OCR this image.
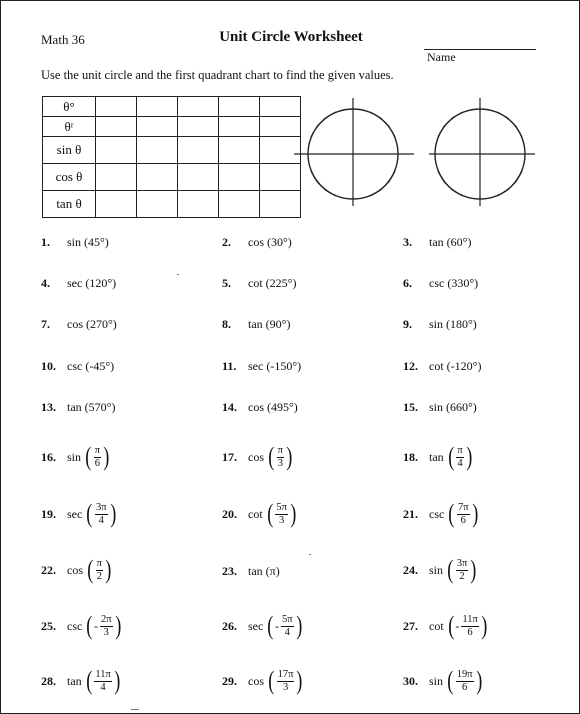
Math 36	Unit Circle Worksheet
Name
Use the unit circle and the first quadrant chart to find the given values.
θ°					
θʳ					
sin θ					
cos θ					
tan θ					
1.	sin (45°)	2.	cos (30°)	3.	tan (60°)
4.	sec (120°)	5.	cot (225°)	6.	csc (330°)
7.	cos (270°)	8.	tan (90°)	9.	sin (180°)
10. csc (-45°)	11. sec (-150°)	12. cot (-120°)
13. tan (570°)	14. cos (495°)	15. sin (660°)
16. sin ( $\frac{\pi}{6}$ )	17. cos ( $\frac{\pi}{3}$ )	18. tan ( $\frac{\pi}{4}$ )
19. sec ( $\frac{3\pi}{4}$ )	20. cot ( $\frac{5\pi}{3}$ )	21. csc ( $\frac{7\pi}{6}$ )
22. cos ( $\frac{\pi}{2}$ )	23. tan (π)	24. sin ( $\frac{3\pi}{2}$ )
25. csc ( - $\frac{2\pi}{3}$ )	26. sec ( - $\frac{5\pi}{4}$ )	27. cot ( - $\frac{11\pi}{6}$ )
28. tan ( $\frac{11\pi}{4}$ )	29. cos ( $\frac{17\pi}{3}$ )	30. sin ( $\frac{19\pi}{6}$ )
